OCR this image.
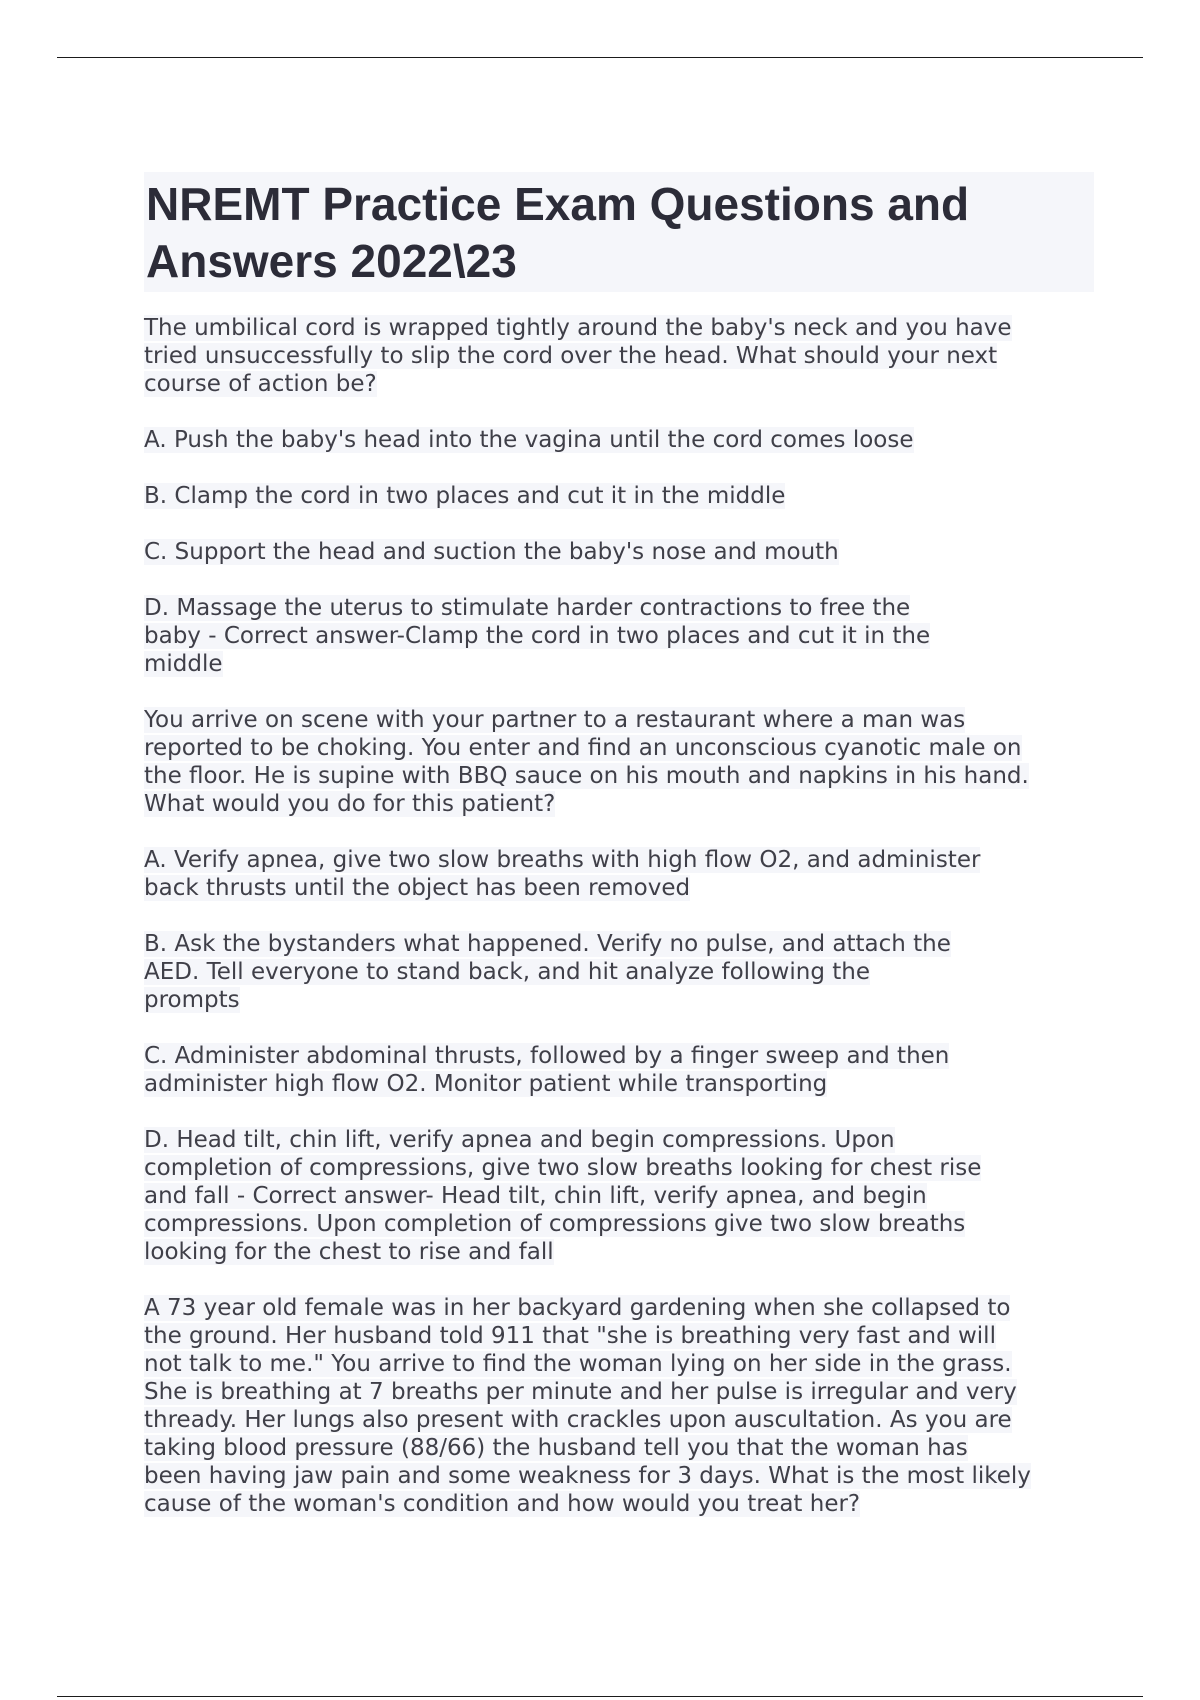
NREMT Practice Exam Questions and Answers 2022\23

The umbilical cord is wrapped tightly around the baby's neck and you have
tried unsuccessfully to slip the cord over the head. What should your next
course of action be?

A. Push the baby's head into the vagina until the cord comes loose

B. Clamp the cord in two places and cut it in the middle

C. Support the head and suction the baby's nose and mouth

D. Massage the uterus to stimulate harder contractions to free the
baby - Correct answer-Clamp the cord in two places and cut it in the
middle

You arrive on scene with your partner to a restaurant where a man was
reported to be choking. You enter and find an unconscious cyanotic male on
the floor. He is supine with BBQ sauce on his mouth and napkins in his hand.
What would you do for this patient?

A. Verify apnea, give two slow breaths with high flow O2, and administer
back thrusts until the object has been removed

B. Ask the bystanders what happened. Verify no pulse, and attach the
AED. Tell everyone to stand back, and hit analyze following the
prompts

C. Administer abdominal thrusts, followed by a finger sweep and then
administer high flow O2. Monitor patient while transporting

D. Head tilt, chin lift, verify apnea and begin compressions. Upon
completion of compressions, give two slow breaths looking for chest rise
and fall - Correct answer- Head tilt, chin lift, verify apnea, and begin
compressions. Upon completion of compressions give two slow breaths
looking for the chest to rise and fall

A 73 year old female was in her backyard gardening when she collapsed to
the ground. Her husband told 911 that "she is breathing very fast and will
not talk to me." You arrive to find the woman lying on her side in the grass.
She is breathing at 7 breaths per minute and her pulse is irregular and very
thready. Her lungs also present with crackles upon auscultation. As you are
taking blood pressure (88/66) the husband tell you that the woman has
been having jaw pain and some weakness for 3 days. What is the most likely
cause of the woman's condition and how would you treat her?
